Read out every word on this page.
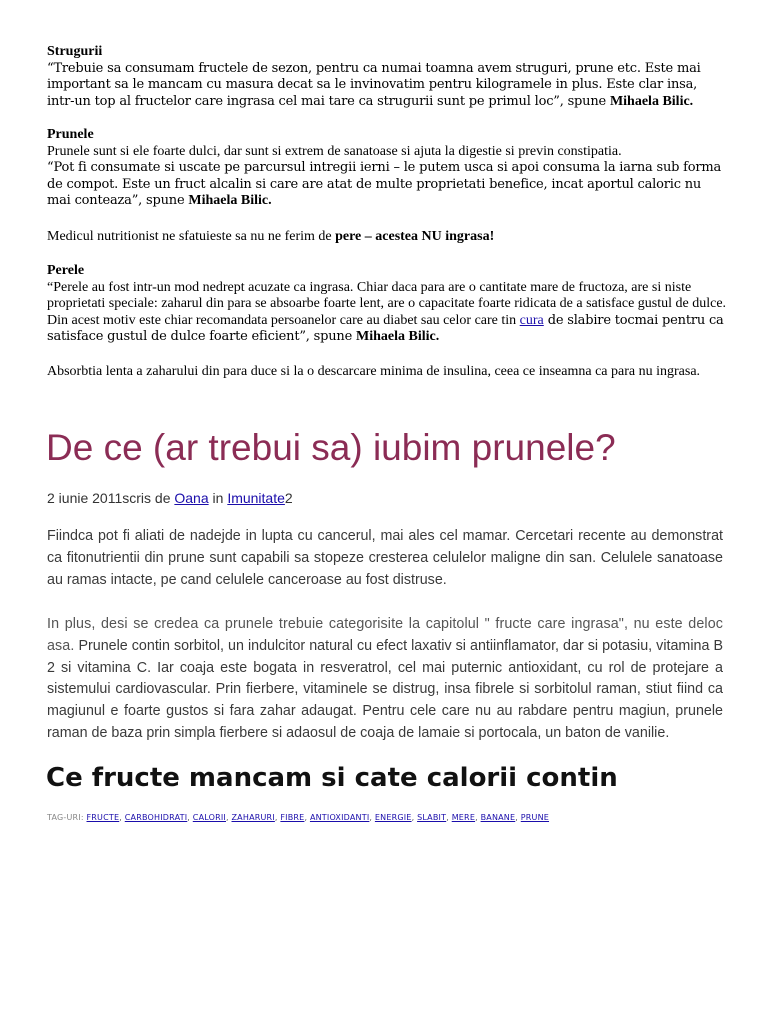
Strugurii

“Trebuie sa consumam fructele de sezon, pentru ca numai toamna avem struguri, prune etc. Este mai important sa le mancam cu masura decat sa le invinovatim pentru kilogramele in plus. Este clar insa, intr-un top al fructelor care ingrasa cel mai tare ca strugurii sunt pe primul loc”, spune Mihaela Bilic.

Prunele

Prunele sunt si ele foarte dulci, dar sunt si extrem de sanatoase si ajuta la digestie si previn constipatia.

“Pot fi consumate si uscate pe parcursul intregii ierni – le putem usca si apoi consuma la iarna sub forma de compot. Este un fruct alcalin si care are atat de multe proprietati benefice, incat aportul caloric nu mai conteaza”, spune Mihaela Bilic.

Medicul nutritionist ne sfatuieste sa nu ne ferim de pere – acestea NU ingrasa!

Perele

“Perele au fost intr-un mod nedrept acuzate ca ingrasa. Chiar daca para are o cantitate mare de fructoza, are si niste proprietati speciale: zaharul din para se absoarbe foarte lent, are o capacitate foarte ridicata de a satisface gustul de dulce. Din acest motiv este chiar recomandata persoanelor care au diabet sau celor care tin cura de slabire tocmai pentru ca satisface gustul de dulce foarte eficient”, spune Mihaela Bilic.

Absorbtia lenta a zaharului din para duce si la o descarcare minima de insulina, ceea ce inseamna ca para nu ingrasa.

De ce (ar trebui sa) iubim prunele?
2 iunie 2011scris de Oana in Imunitate2

Fiindca pot fi aliati de nadejde in lupta cu cancerul, mai ales cel mamar. Cercetari recente au demonstrat ca fitonutrientii din prune sunt capabili sa stopeze cresterea celulelor maligne din san. Celulele sanatoase au ramas intacte, pe cand celulele canceroase au fost distruse.

In plus, desi se credea ca prunele trebuie categorisite la capitolul " fructe care ingrasa", nu este deloc asa. Prunele contin sorbitol, un indulcitor natural cu efect laxativ si antiinflamator, dar si potasiu, vitamina B 2 si vitamina C. Iar coaja este bogata in resveratrol, cel mai puternic antioxidant, cu rol de protejare a sistemului cardiovascular. Prin fierbere, vitaminele se distrug, insa fibrele si sorbitolul raman, stiut fiind ca magiunul e foarte gustos si fara zahar adaugat. Pentru cele care nu au rabdare pentru magiun, prunele raman de baza prin simpla fierbere si adaosul de coaja de lamaie si portocala, un baton de vanilie.

Ce fructe mancam si cate calorii contin
TAG-URI: FRUCTE, CARBOHIDRATI, CALORII, ZAHARURI, FIBRE, ANTIOXIDANTI, ENERGIE, SLABIT, MERE, BANANE, PRUNE
